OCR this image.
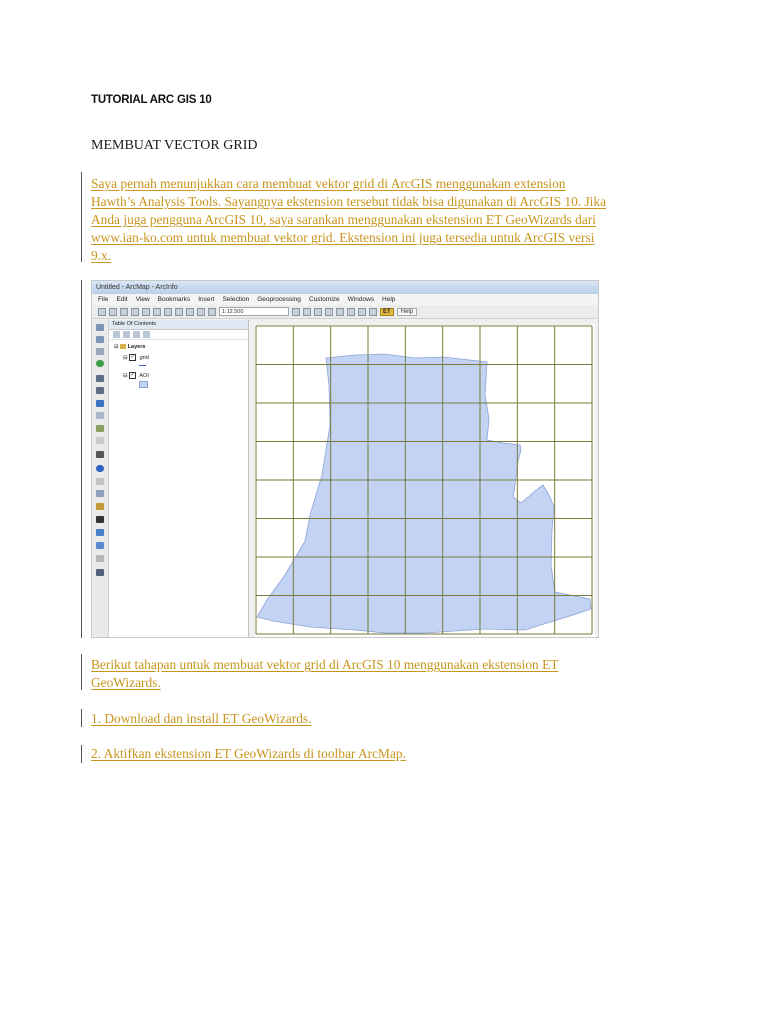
TUTORIAL ARC GIS 10
MEMBUAT VECTOR GRID
Saya pernah menunjukkan cara membuat vektor grid di ArcGIS menggunakan extension
Hawth’s Analysis Tools. Sayangnya ekstension tersebut tidak bisa digunakan di ArcGIS 10. Jika
Anda juga pengguna ArcGIS 10, saya sarankan menggunakan ekstension ET GeoWizards dari
www.ian-ko.com untuk membuat vektor grid. Ekstension ini juga tersedia untuk ArcGIS versi
9.x.
Untitled - ArcMap - ArcInfo
File Edit View Bookmarks Insert Selection Geoprocessing Customize Windows Help
1:12.500	ET	Help
Table Of Contents
⊟ Layers
⊟ ✓ grid
⊟ ✓ AOI
Berikut tahapan untuk membuat vektor grid di ArcGIS 10 menggunakan ekstension ET
GeoWizards.
1. Download dan install ET GeoWizards.
2. Aktifkan ekstension ET GeoWizards di toolbar ArcMap.
